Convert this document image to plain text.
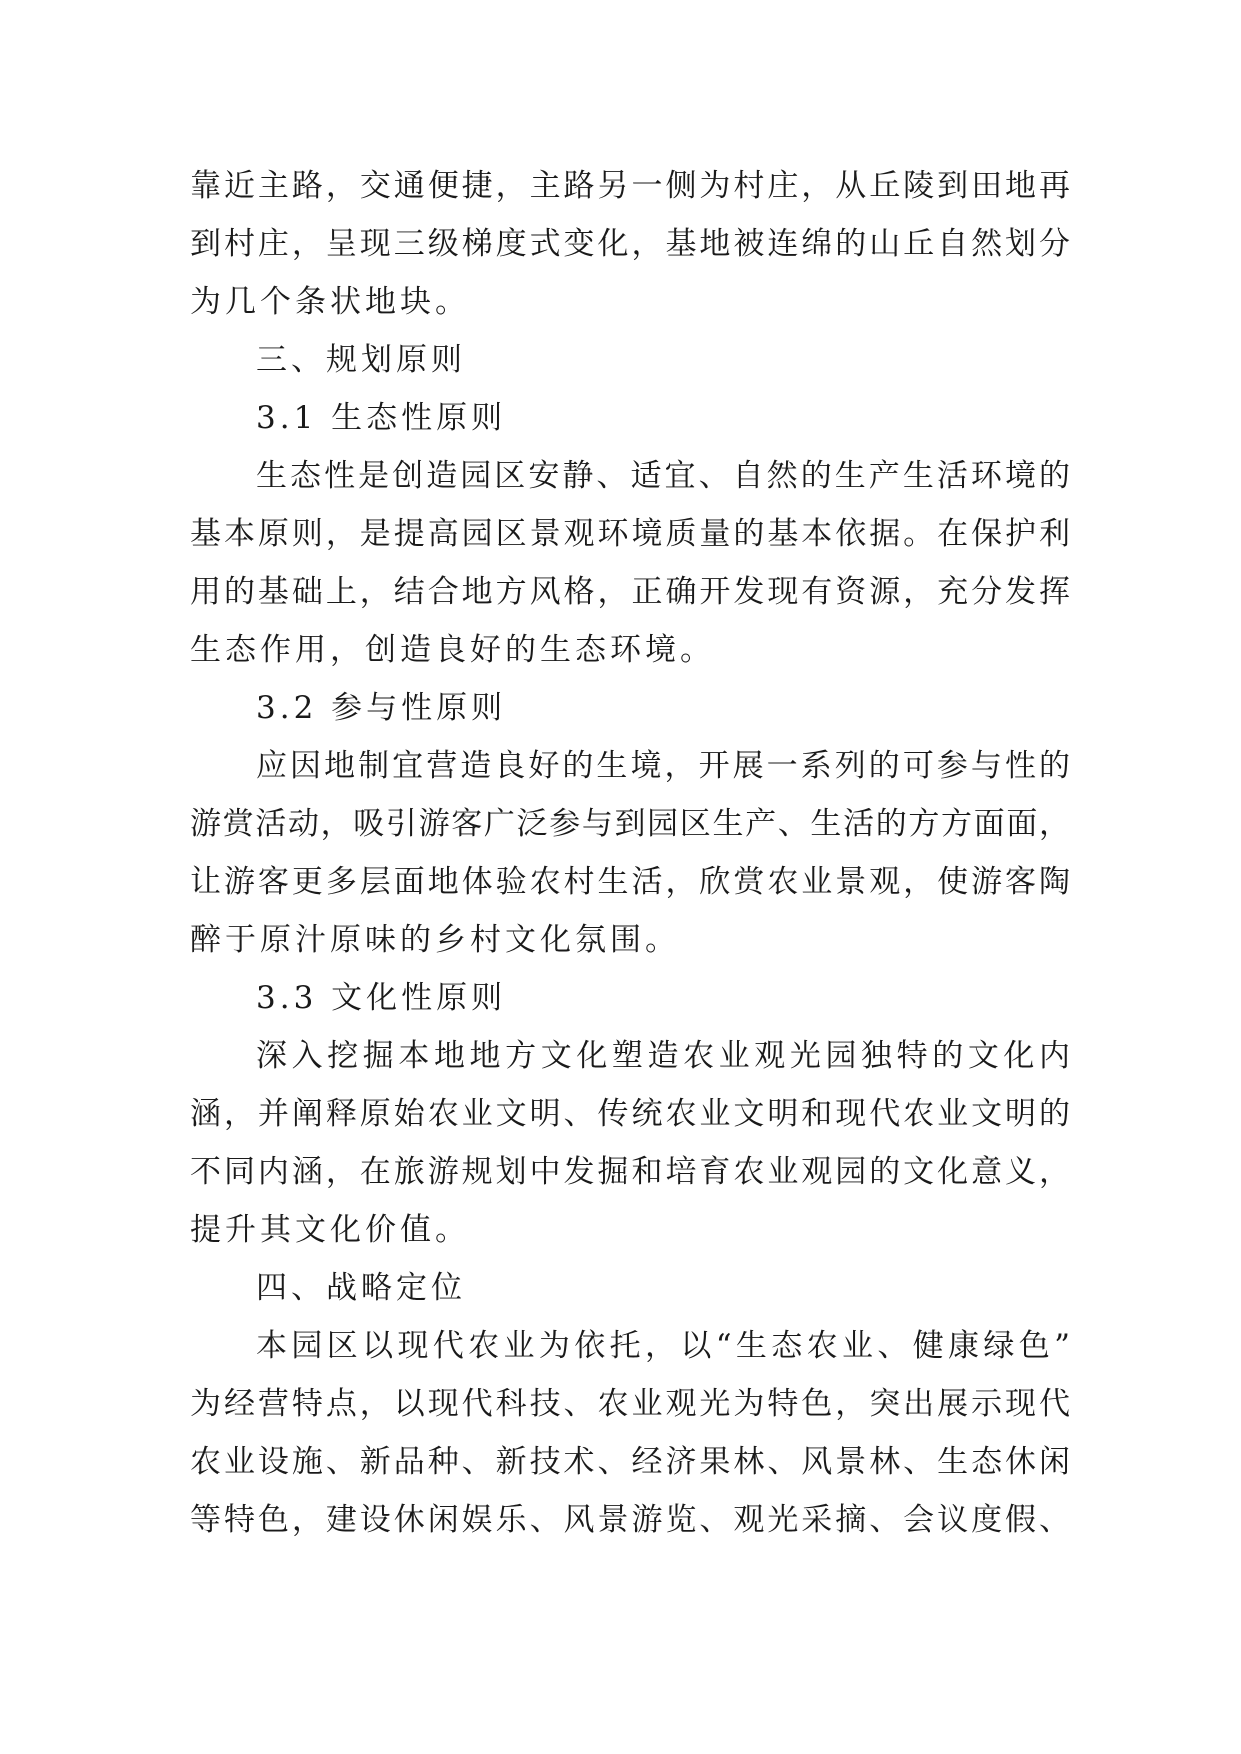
靠近主路，交通便捷，主路另一侧为村庄，从丘陵到田地再
到村庄，呈现三级梯度式变化，基地被连绵的山丘自然划分
为几个条状地块。
三、规划原则
3.1 生态性原则
生态性是创造园区安静、适宜、自然的生产生活环境的
基本原则，是提高园区景观环境质量的基本依据。在保护利
用的基础上，结合地方风格，正确开发现有资源，充分发挥
生态作用，创造良好的生态环境。
3.2 参与性原则
应因地制宜营造良好的生境，开展一系列的可参与性的
游赏活动，吸引游客广泛参与到园区生产、生活的方方面面，
让游客更多层面地体验农村生活，欣赏农业景观，使游客陶
醉于原汁原味的乡村文化氛围。
3.3 文化性原则
深入挖掘本地地方文化塑造农业观光园独特的文化内
涵，并阐释原始农业文明、传统农业文明和现代农业文明的
不同内涵，在旅游规划中发掘和培育农业观园的文化意义，
提升其文化价值。
四、战略定位
本园区以现代农业为依托，以“生态农业、健康绿色”
为经营特点，以现代科技、农业观光为特色，突出展示现代
农业设施、新品种、新技术、经济果林、风景林、生态休闲
等特色，建设休闲娱乐、风景游览、观光采摘、会议度假、
